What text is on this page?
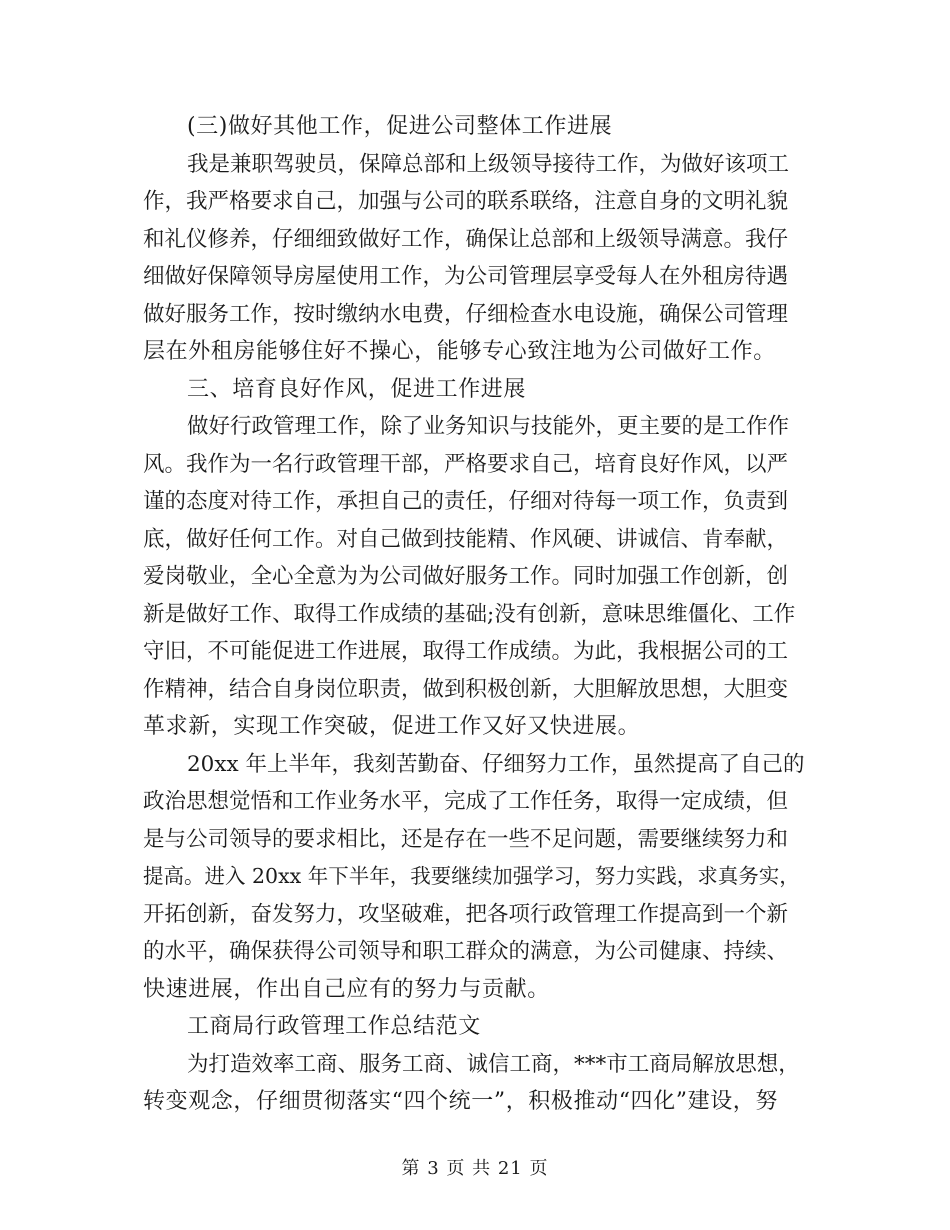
(三)做好其他工作，促进公司整体工作进展
我是兼职驾驶员，保障总部和上级领导接待工作，为做好该项工
作，我严格要求自己，加强与公司的联系联络，注意自身的文明礼貌
和礼仪修养，仔细细致做好工作，确保让总部和上级领导满意。我仔
细做好保障领导房屋使用工作，为公司管理层享受每人在外租房待遇
做好服务工作，按时缴纳水电费，仔细检查水电设施，确保公司管理
层在外租房能够住好不操心，能够专心致注地为公司做好工作。
三、培育良好作风，促进工作进展
做好行政管理工作，除了业务知识与技能外，更主要的是工作作
风。我作为一名行政管理干部，严格要求自己，培育良好作风，以严
谨的态度对待工作，承担自己的责任，仔细对待每一项工作，负责到
底，做好任何工作。对自己做到技能精、作风硬、讲诚信、肯奉献，
爱岗敬业，全心全意为为公司做好服务工作。同时加强工作创新，创
新是做好工作、取得工作成绩的基础;没有创新，意味思维僵化、工作
守旧，不可能促进工作进展，取得工作成绩。为此，我根据公司的工
作精神，结合自身岗位职责，做到积极创新，大胆解放思想，大胆变
革求新，实现工作突破，促进工作又好又快进展。
20xx 年上半年，我刻苦勤奋、仔细努力工作，虽然提高了自己的
政治思想觉悟和工作业务水平，完成了工作任务，取得一定成绩，但
是与公司领导的要求相比，还是存在一些不足问题，需要继续努力和
提高。进入 20xx 年下半年，我要继续加强学习，努力实践，求真务实，
开拓创新，奋发努力，攻坚破难，把各项行政管理工作提高到一个新
的水平，确保获得公司领导和职工群众的满意，为公司健康、持续、
快速进展，作出自己应有的努力与贡献。
工商局行政管理工作总结范文
为打造效率工商、服务工商、诚信工商，***市工商局解放思想，
转变观念，仔细贯彻落实“四个统一”，积极推动“四化”建设，努
第 3 页 共 21 页
